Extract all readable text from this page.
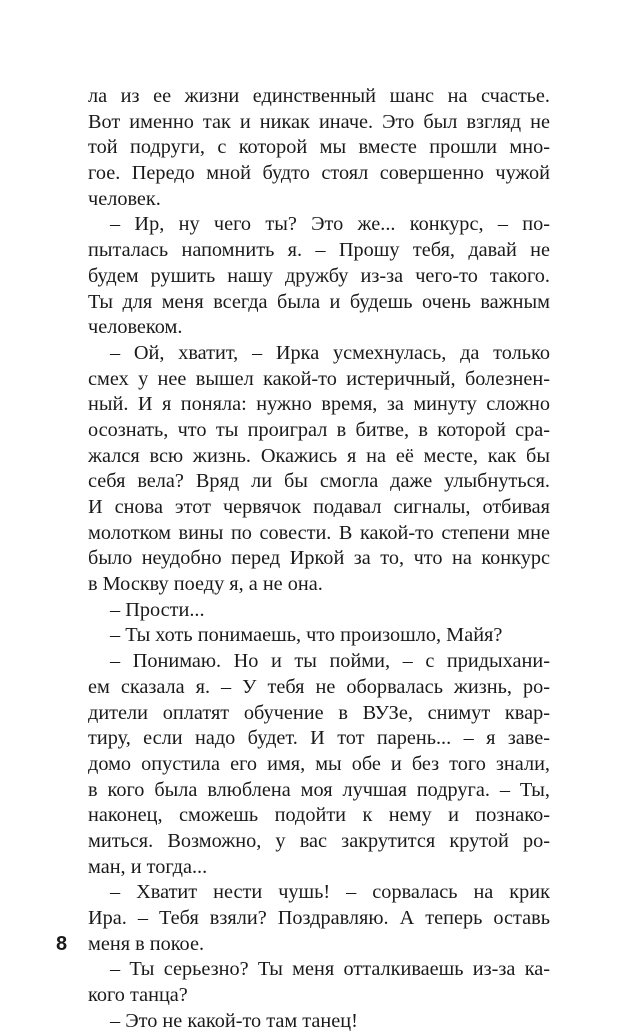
ла из ее жизни единственный шанс на счастье.
Вот именно так и никак иначе. Это был взгляд не
той подруги, с которой мы вместе прошли мно-
гое. Передо мной будто стоял совершенно чужой
человек.
– Ир, ну чего ты? Это же... конкурс, – по-
пыталась напомнить я. – Прошу тебя, давай не
будем рушить нашу дружбу из-за чего-то такого.
Ты для меня всегда была и будешь очень важным
человеком.
– Ой, хватит, – Ирка усмехнулась, да только
смех у нее вышел какой-то истеричный, болезнен-
ный. И я поняла: нужно время, за минуту сложно
осознать, что ты проиграл в битве, в которой сра-
жался всю жизнь. Окажись я на её месте, как бы
себя вела? Вряд ли бы смогла даже улыбнуться.
И снова этот червячок подавал сигналы, отбивая
молотком вины по совести. В какой-то степени мне
было неудобно перед Иркой за то, что на конкурс
в Москву поеду я, а не она.
– Прости...
– Ты хоть понимаешь, что произошло, Майя?
– Понимаю. Но и ты пойми, – с придыхани-
ем сказала я. – У тебя не оборвалась жизнь, ро-
дители оплатят обучение в ВУЗе, снимут квар-
тиру, если надо будет. И тот парень... – я заве-
домо опустила его имя, мы обе и без того знали,
в кого была влюблена моя лучшая подруга. – Ты,
наконец, сможешь подойти к нему и познако-
миться. Возможно, у вас закрутится крутой ро-
ман, и тогда...
– Хватит нести чушь! – сорвалась на крик
Ира. – Тебя взяли? Поздравляю. А теперь оставь
меня в покое.
– Ты серьезно? Ты меня отталкиваешь из-за ка-
кого танца?
– Это не какой-то там танец!
8
